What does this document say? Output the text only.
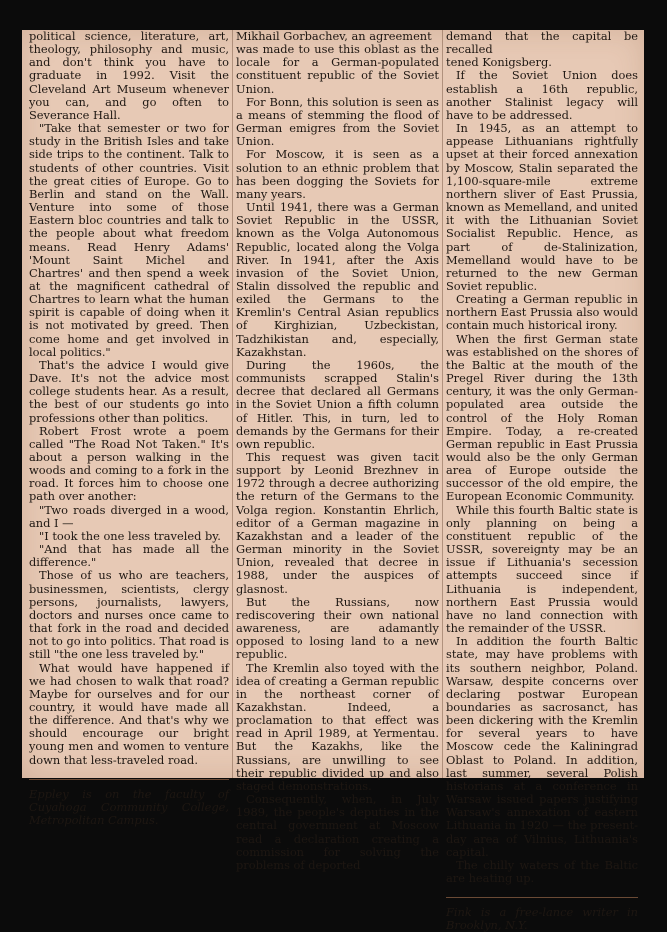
political science, literature, art, theology, philosophy and music, and don't think you have to graduate in 1992. Visit the Cleveland Art Museum whenever you can, and go often to Severance Hall.

"Take that semester or two for study in the British Isles and take side trips to the continent. Talk to students of other countries. Visit the great cities of Europe. Go to Berlin and stand on the Wall. Venture into some of those Eastern bloc countries and talk to the people about what freedom means. Read Henry Adams' 'Mount Saint Michel and Chartres' and then spend a week at the magnificent cathedral of Chartres to learn what the human spirit is capable of doing when it is not motivated by greed. Then come home and get involved in local politics."

That's the advice I would give Dave. It's not the advice most college students hear. As a result, the best of our students go into professions other than politics.

Robert Frost wrote a poem called "The Road Not Taken." It's about a person walking in the woods and coming to a fork in the road. It forces him to choose one path over another:

"Two roads diverged in a wood, and I —

"I took the one less traveled by.

"And that has made all the difference."

Those of us who are teachers, businessmen, scientists, clergy persons, journalists, lawyers, doctors and nurses once came to that fork in the road and decided not to go into politics. That road is still "the one less traveled by."

What would have happened if we had chosen to walk that road? Maybe for ourselves and for our country, it would have made all the difference. And that's why we should encourage our bright young men and women to venture down that less-traveled road.

Eppley is on the faculty of Cuyahoga Community College, Metropolitan Campus.

Mikhail Gorbachev, an agreement

was made to use this oblast as the locale for a German-populated constituent republic of the Soviet Union.

For Bonn, this solution is seen as a means of stemming the flood of German emigres from the Soviet Union.

For Moscow, it is seen as a solution to an ethnic problem that has been dogging the Soviets for many years.

Until 1941, there was a German Soviet Republic in the USSR, known as the Volga Autonomous Republic, located along the Volga River. In 1941, after the Axis invasion of the Soviet Union, Stalin dissolved the republic and exiled the Germans to the Kremlin's Central Asian republics of Kirghizian, Uzbeckistan, Tadzhikistan and, especially, Kazakhstan.

During the 1960s, the communists scrapped Stalin's decree that declared all Germans in the Soviet Union a fifth column of Hitler. This, in turn, led to demands by the Germans for their own republic.

This request was given tacit support by Leonid Brezhnev in 1972 through a decree authorizing the return of the Germans to the Volga region. Konstantin Ehrlich, editor of a German magazine in Kazakhstan and a leader of the German minority in the Soviet Union, revealed that decree in 1988, under the auspices of glasnost.

But the Russians, now rediscovering their own national awareness, are adamantly opposed to losing land to a new republic.

The Kremlin also toyed with the idea of creating a German republic in the northeast corner of Kazakhstan. Indeed, a proclamation to that effect was read in April 1989, at Yermentau. But the Kazakhs, like the Russians, are unwilling to see their republic divided up and also staged demonstrations.

Consequently, when, in July 1989, the people's deputies in the central government at Moscow read a declaration creating a commission for solving the problems of deported

demand that the capital be recalled

tened Konigsberg.

If the Soviet Union does establish a 16th republic, another Stalinist legacy will have to be addressed.

In 1945, as an attempt to appease Lithuanians rightfully upset at their forced annexation by Moscow, Stalin separated the 1,100-square-mile extreme northern sliver of East Prussia, known as Memelland, and united it with the Lithuanian Soviet Socialist Republic. Hence, as part of de-Stalinization, Memelland would have to be returned to the new German Soviet republic.

Creating a German republic in northern East Prussia also would contain much historical irony.

When the first German state was established on the shores of the Baltic at the mouth of the Pregel River during the 13th century, it was the only German-populated area outside the control of the Holy Roman Empire. Today, a re-created German republic in East Prussia would also be the only German area of Europe outside the successor of the old empire, the European Economic Community.

While this fourth Baltic state is only planning on being a constituent republic of the USSR, sovereignty may be an issue if Lithuania's secession attempts succeed since if Lithuania is independent, northern East Prussia would have no land connection with the remainder of the USSR.

In addition the fourth Baltic state, may have problems with its southern neighbor, Poland. Warsaw, despite concerns over declaring postwar European boundaries as sacrosanct, has been dickering with the Kremlin for several years to have Moscow cede the Kaliningrad Oblast to Poland. In addition, last summer, several Polish historians at a conference in Warsaw issued papers justifying Warsaw's annexation of eastern Lithuania in 1920 — the present-day area of Vilnius, Lithuania's capital.

The chilly waters of the Baltic are heating up.

Fink is a free-lance writer in Brooklyn, N.Y.
